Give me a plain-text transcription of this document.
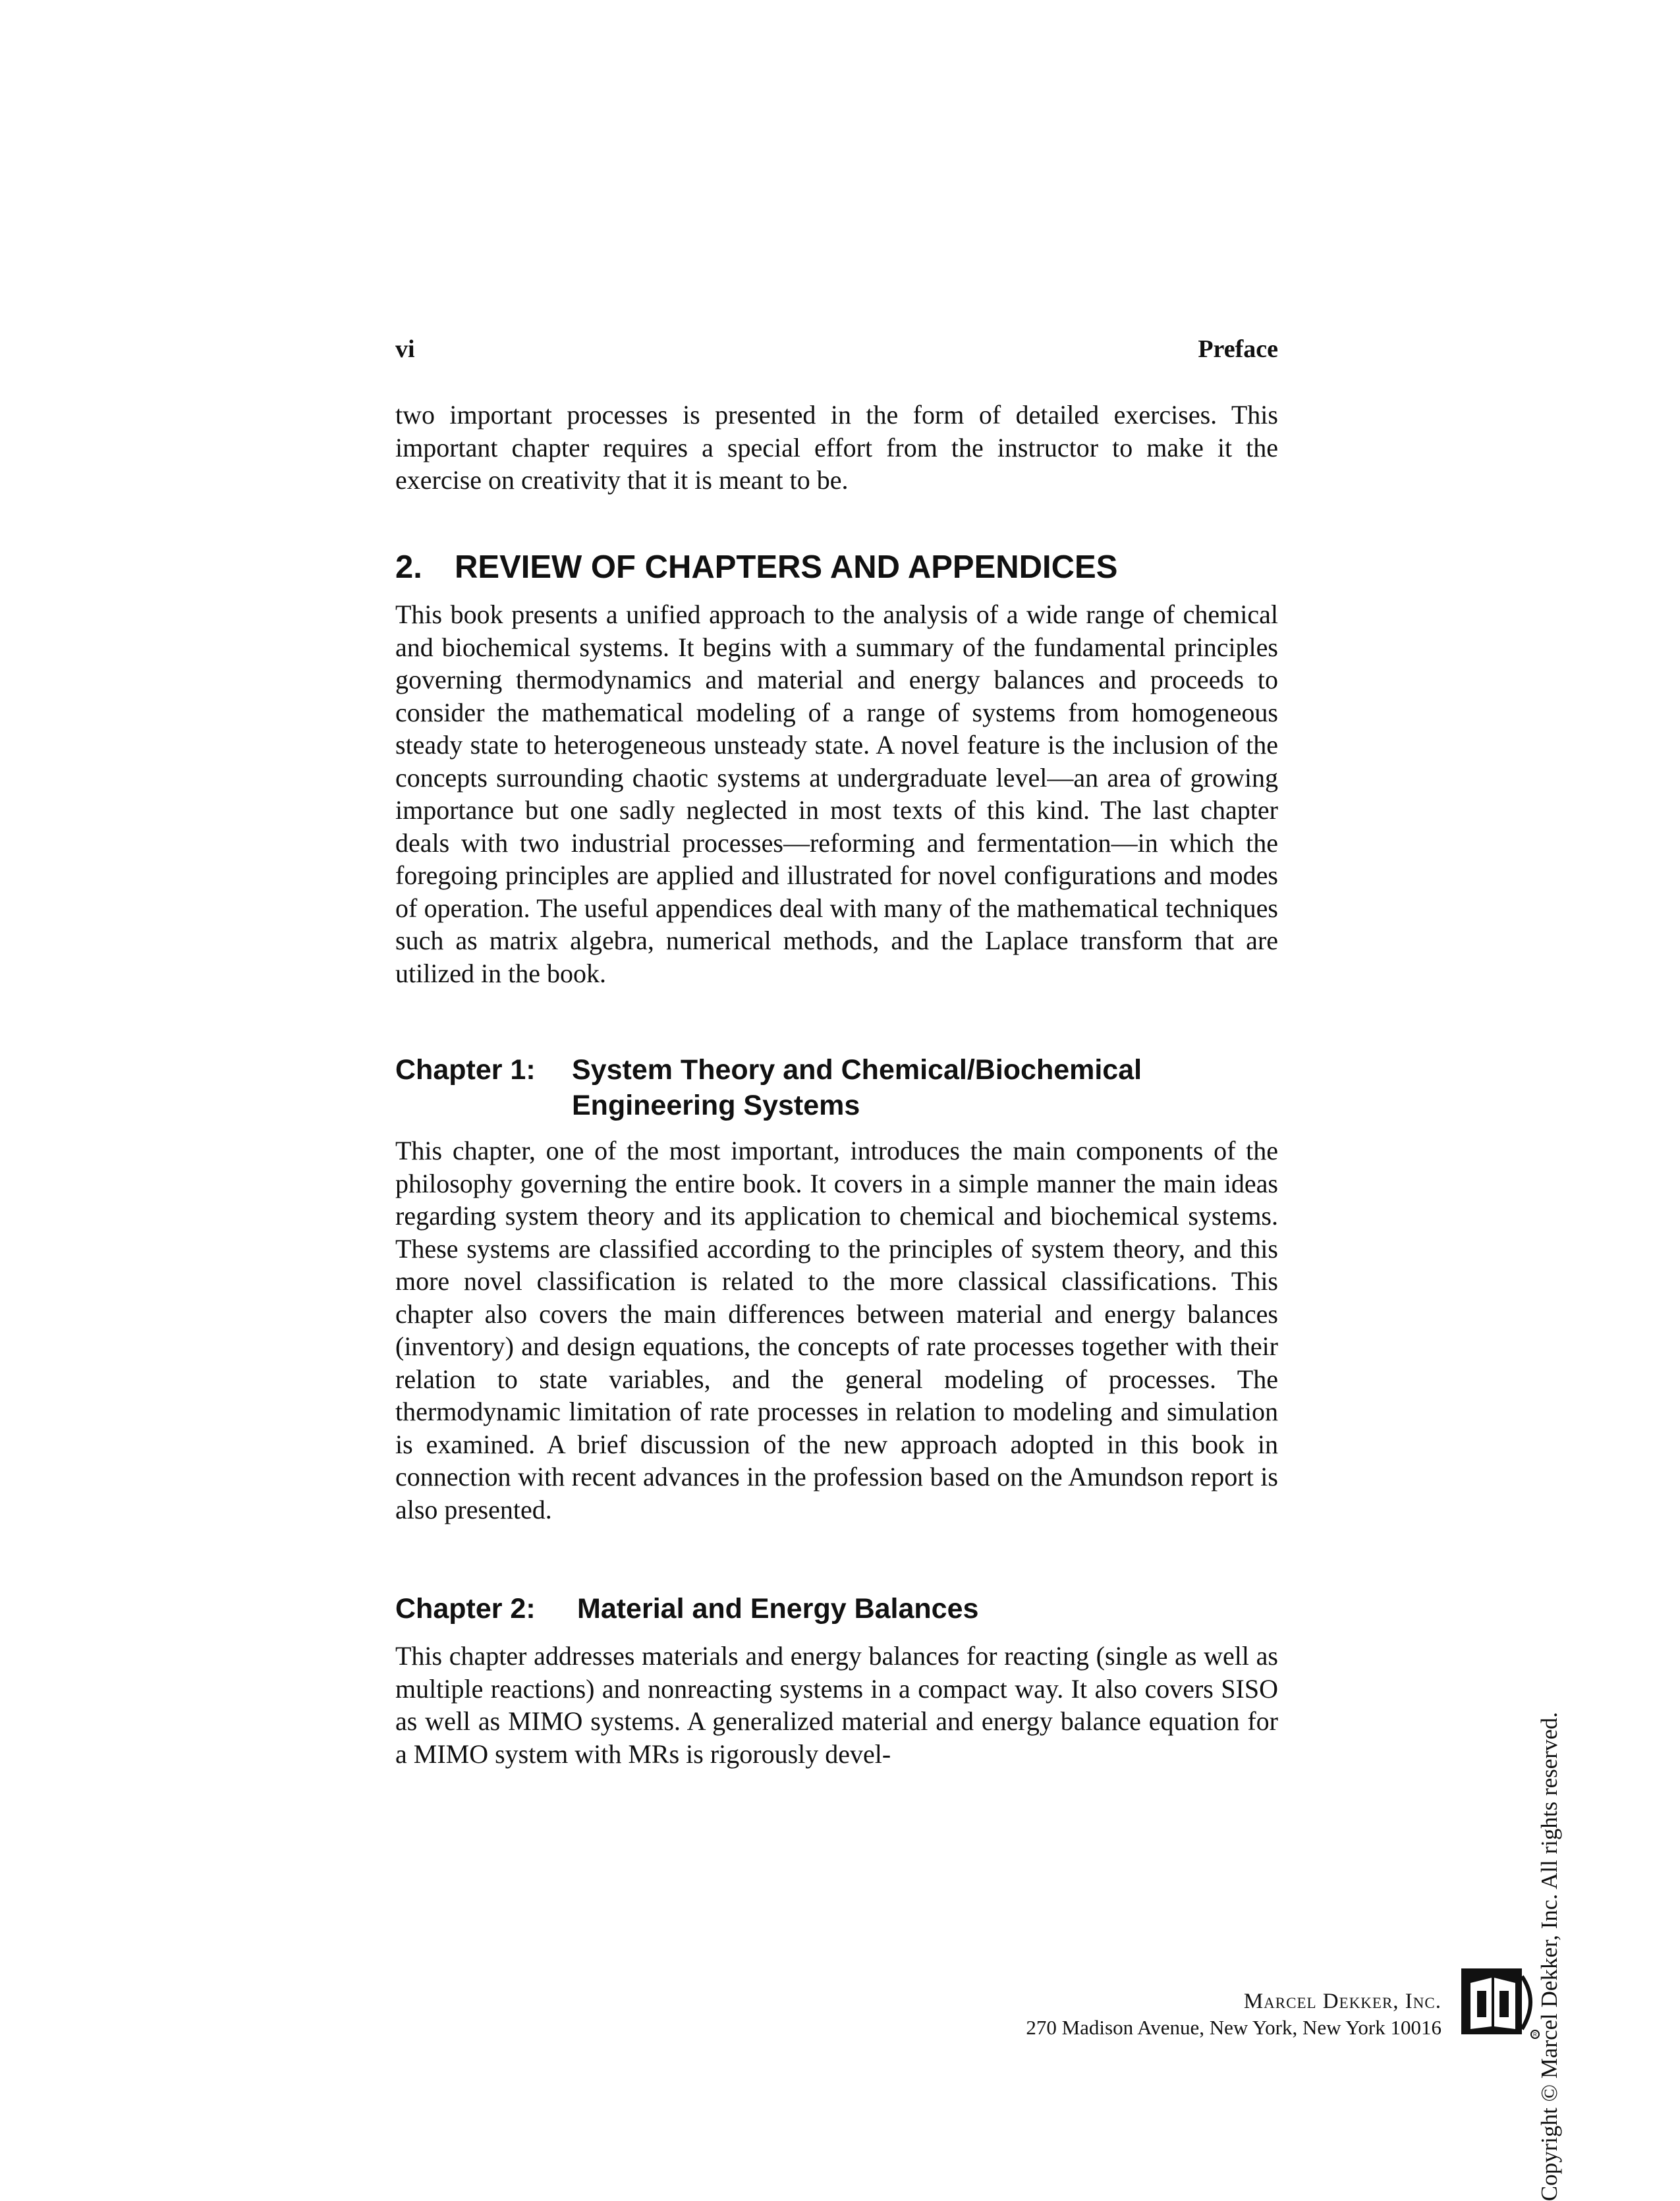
vi	Preface

two important processes is presented in the form of detailed exercises. This important chapter requires a special effort from the instructor to make it the exercise on creativity that it is meant to be.

2. REVIEW OF CHAPTERS AND APPENDICES

This book presents a unified approach to the analysis of a wide range of chemical and biochemical systems. It begins with a summary of the fundamental principles governing thermodynamics and material and energy balances and proceeds to consider the mathematical modeling of a range of systems from homogeneous steady state to heterogeneous unsteady state. A novel feature is the inclusion of the concepts surrounding chaotic systems at undergraduate level—an area of growing importance but one sadly neglected in most texts of this kind. The last chapter deals with two industrial processes—reforming and fermentation—in which the foregoing principles are applied and illustrated for novel configurations and modes of operation. The useful appendices deal with many of the mathematical techniques such as matrix algebra, numerical methods, and the Laplace transform that are utilized in the book.

Chapter 1: System Theory and Chemical/Biochemical Engineering Systems

This chapter, one of the most important, introduces the main components of the philosophy governing the entire book. It covers in a simple manner the main ideas regarding system theory and its application to chemical and biochemical systems. These systems are classified according to the principles of system theory, and this more novel classification is related to the more classical classifications. This chapter also covers the main differences between material and energy balances (inventory) and design equations, the concepts of rate processes together with their relation to state variables, and the general modeling of processes. The thermodynamic limitation of rate processes in relation to modeling and simulation is examined. A brief discussion of the new approach adopted in this book in connection with recent advances in the profession based on the Amundson report is also presented.

Chapter 2: Material and Energy Balances

This chapter addresses materials and energy balances for reacting (single as well as multiple reactions) and nonreacting systems in a compact way. It also covers SISO as well as MIMO systems. A generalized material and energy balance equation for a MIMO system with MRs is rigorously devel-	Copyright © Marcel Dekker, Inc. All rights reserved.
Marcel Dekker, Inc.
270 Madison Avenue, New York, New York 10016	R
